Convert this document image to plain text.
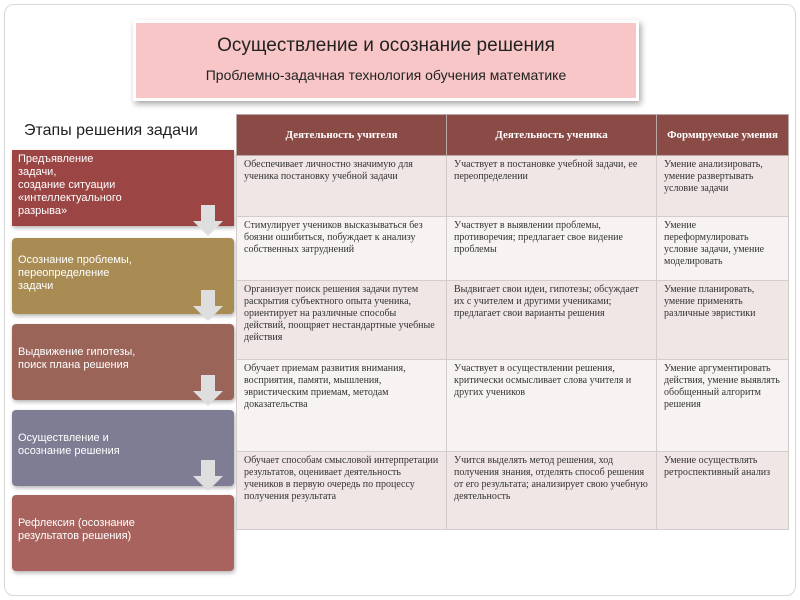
Осуществление и осознание решения
Проблемно-задачная технология обучения математике
Этапы решения задачи
Предъявление
задачи,
создание ситуации
«интеллектуального
разрыва»
Осознание проблемы,
переопределение
задачи
Выдвижение гипотезы,
поиск плана решения
Осуществление и
осознание решения
Рефлексия (осознание
результатов решения)
Деятельность учителя	Деятельность ученика	Формируемые умения
Обеспечивает личностно значимую для ученика постановку учебной задачи	Участвует в постановке учебной задачи, ее переопределении	Умение анализировать, умение развертывать условие задачи
Стимулирует учеников высказываться без боязни ошибиться, побуждает к анализу собственных затруднений	Участвует в выявлении проблемы, противоречия; предлагает свое видение проблемы	Умение переформулировать условие задачи, умение моделировать
Организует поиск решения задачи путем раскрытия субъектного опыта ученика, ориентирует на различные способы действий, поощряет нестандартные учебные действия	Выдвигает свои идеи, гипотезы; обсуждает их с учителем и другими учениками; предлагает свои варианты решения	Умение планировать, умение применять различные эвристики
Обучает приемам развития внимания, восприятия, памяти, мышления, эвристическим приемам, методам доказательства	Участвует в осуществлении решения, критически осмысливает слова учителя и других учеников	Умение аргументировать действия, умение выявлять обобщенный алгоритм решения
Обучает способам смысловой интерпретации результатов, оценивает деятельность учеников в первую очередь по процессу получения результата	Учится выделять метод решения, ход получения знания, отделять способ решения от его результата; анализирует свою учебную деятельность	Умение осуществлять ретроспективный анализ
